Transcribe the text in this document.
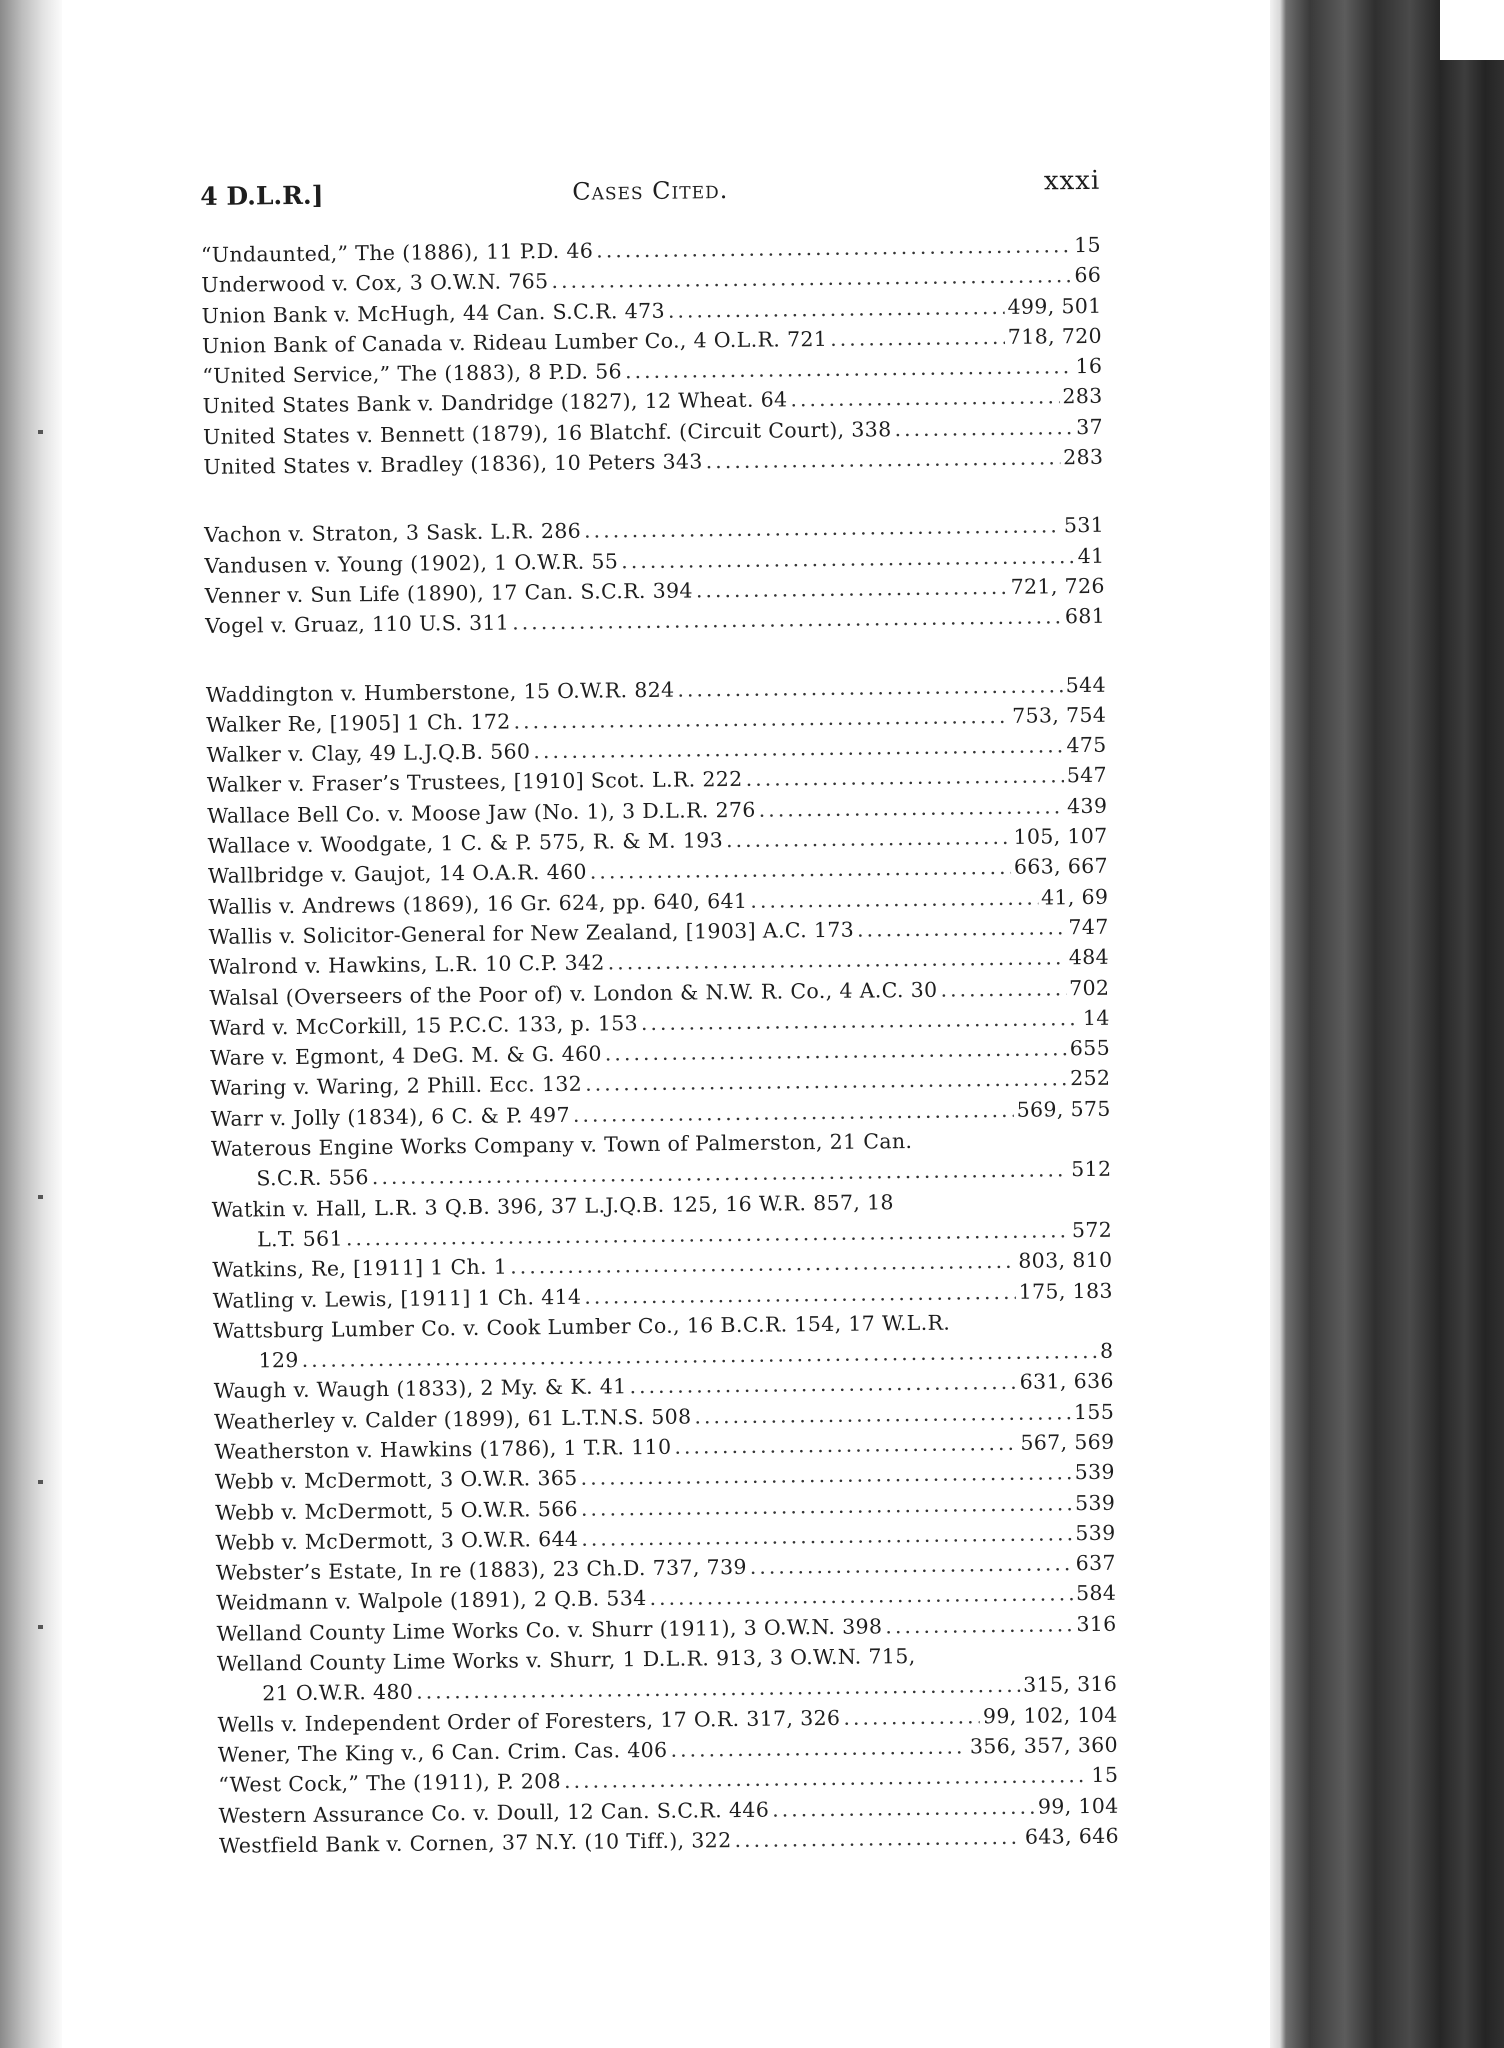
4 D.L.R.]	Cases Cited.	xxxi
“Undaunted,” The (1886), 11 P.D. 46 .....	15
Underwood v. Cox, 3 O.W.N. 765 .....	66
Union Bank v. McHugh, 44 Can. S.C.R. 473 .....	499, 501
Union Bank of Canada v. Rideau Lumber Co., 4 O.L.R. 721 .....	718, 720
“United Service,” The (1883), 8 P.D. 56 .....	16
United States Bank v. Dandridge (1827), 12 Wheat. 64 .....	283
United States v. Bennett (1879), 16 Blatchf. (Circuit Court), 338 .....	37
United States v. Bradley (1836), 10 Peters 343 .....	283
Vachon v. Straton, 3 Sask. L.R. 286 .....	531
Vandusen v. Young (1902), 1 O.W.R. 55 .....	41
Venner v. Sun Life (1890), 17 Can. S.C.R. 394 .....	721, 726
Vogel v. Gruaz, 110 U.S. 311 .....	681
Waddington v. Humberstone, 15 O.W.R. 824 .....	544
Walker Re, [1905] 1 Ch. 172 .....	753, 754
Walker v. Clay, 49 L.J.Q.B. 560 .....	475
Walker v. Fraser’s Trustees, [1910] Scot. L.R. 222 .....	547
Wallace Bell Co. v. Moose Jaw (No. 1), 3 D.L.R. 276 .....	439
Wallace v. Woodgate, 1 C. & P. 575, R. & M. 193 .....	105, 107
Wallbridge v. Gaujot, 14 O.A.R. 460 .....	663, 667
Wallis v. Andrews (1869), 16 Gr. 624, pp. 640, 641 .....	41, 69
Wallis v. Solicitor-General for New Zealand, [1903] A.C. 173 .....	747
Walrond v. Hawkins, L.R. 10 C.P. 342 .....	484
Walsal (Overseers of the Poor of) v. London & N.W. R. Co., 4 A.C. 30 .....	702
Ward v. McCorkill, 15 P.C.C. 133, p. 153 .....	14
Ware v. Egmont, 4 DeG. M. & G. 460 .....	655
Waring v. Waring, 2 Phill. Ecc. 132 .....	252
Warr v. Jolly (1834), 6 C. & P. 497 .....	569, 575
Waterous Engine Works Company v. Town of Palmerston, 21 Can.
S.C.R. 556 .....	512
Watkin v. Hall, L.R. 3 Q.B. 396, 37 L.J.Q.B. 125, 16 W.R. 857, 18
L.T. 561 .....	572
Watkins, Re, [1911] 1 Ch. 1 .....	803, 810
Watling v. Lewis, [1911] 1 Ch. 414 .....	175, 183
Wattsburg Lumber Co. v. Cook Lumber Co., 16 B.C.R. 154, 17 W.L.R.
129 .....	8
Waugh v. Waugh (1833), 2 My. & K. 41 .....	631, 636
Weatherley v. Calder (1899), 61 L.T.N.S. 508 .....	155
Weatherston v. Hawkins (1786), 1 T.R. 110 .....	567, 569
Webb v. McDermott, 3 O.W.R. 365 .....	539
Webb v. McDermott, 5 O.W.R. 566 .....	539
Webb v. McDermott, 3 O.W.R. 644 .....	539
Webster’s Estate, In re (1883), 23 Ch.D. 737, 739 .....	637
Weidmann v. Walpole (1891), 2 Q.B. 534 .....	584
Welland County Lime Works Co. v. Shurr (1911), 3 O.W.N. 398 .....	316
Welland County Lime Works v. Shurr, 1 D.L.R. 913, 3 O.W.N. 715,
21 O.W.R. 480 .....	315, 316
Wells v. Independent Order of Foresters, 17 O.R. 317, 326 .....	99, 102, 104
Wener, The King v., 6 Can. Crim. Cas. 406 .....	356, 357, 360
“West Cock,” The (1911), P. 208 .....	15
Western Assurance Co. v. Doull, 12 Can. S.C.R. 446 .....	99, 104
Westfield Bank v. Cornen, 37 N.Y. (10 Tiff.), 322 .....	643, 646
